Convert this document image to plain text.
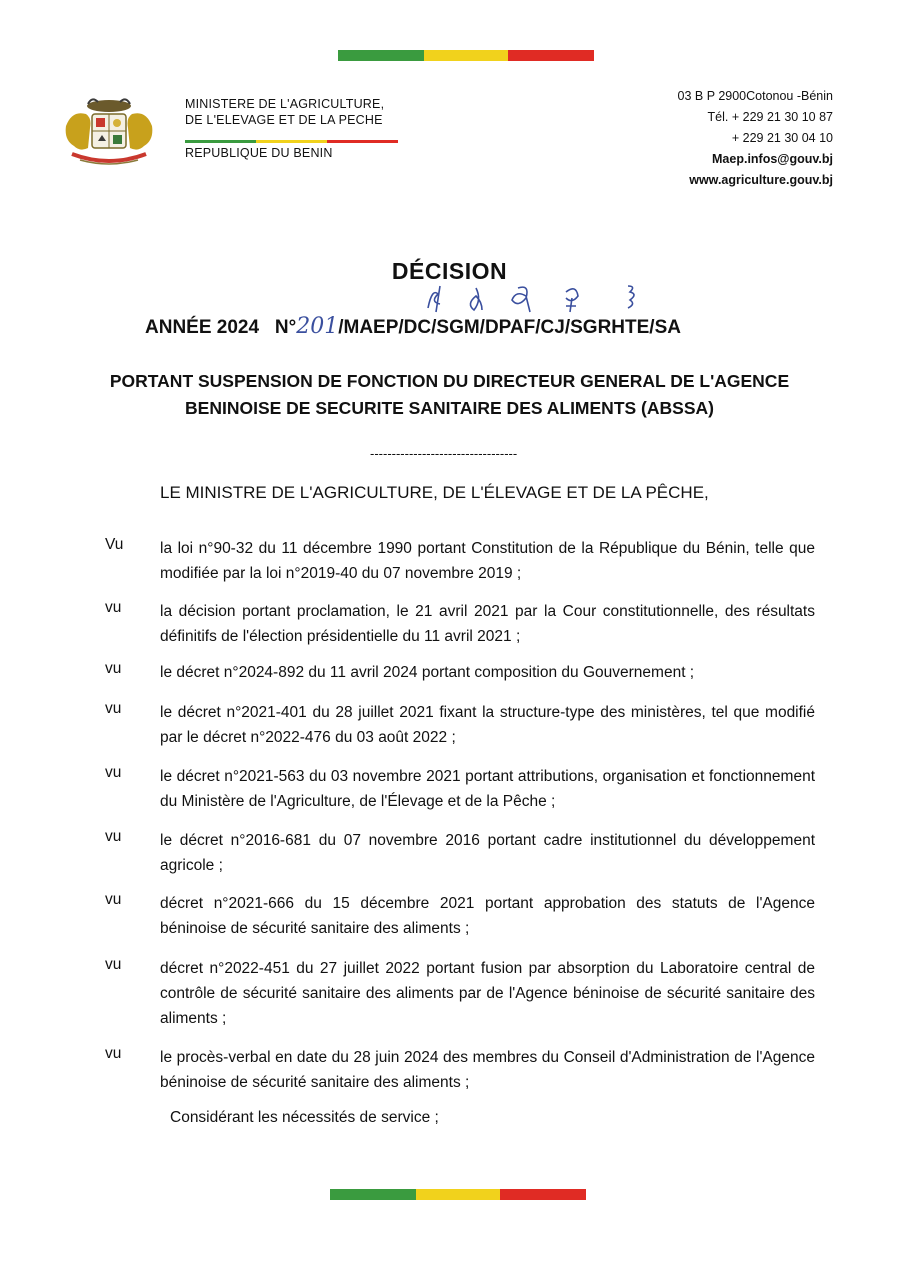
MINISTERE DE L'AGRICULTURE,
DE L'ELEVAGE ET DE LA PECHE
REPUBLIQUE DU BENIN
03 B P 2900Cotonou -Bénin
Tél. + 229 21 30 10 87
+ 229 21 30 04 10
Maep.infos@gouv.bj
www.agriculture.gouv.bj
DÉCISION
ANNÉE 2024 N°201/MAEP/DC/SGM/DPAF/CJ/SGRHTE/SA
PORTANT SUSPENSION DE FONCTION DU DIRECTEUR GENERAL DE L'AGENCE
BENINOISE DE SECURITE SANITAIRE DES ALIMENTS (ABSSA)
----------------------------------
LE MINISTRE DE L'AGRICULTURE, DE L'ÉLEVAGE ET DE LA PÊCHE,
Vu la loi n°90-32 du 11 décembre 1990 portant Constitution de la République du Bénin, telle que modifiée par la loi n°2019-40 du 07 novembre 2019 ;
vu la décision portant proclamation, le 21 avril 2021 par la Cour constitutionnelle, des résultats définitifs de l'élection présidentielle du 11 avril 2021 ;
vu le décret n°2024-892 du 11 avril 2024 portant composition du Gouvernement ;
vu le décret n°2021-401 du 28 juillet 2021 fixant la structure-type des ministères, tel que modifié par le décret n°2022-476 du 03 août 2022 ;
vu le décret n°2021-563 du 03 novembre 2021 portant attributions, organisation et fonctionnement du Ministère de l'Agriculture, de l'Élevage et de la Pêche ;
vu le décret n°2016-681 du 07 novembre 2016 portant cadre institutionnel du développement agricole ;
vu décret n°2021-666 du 15 décembre 2021 portant approbation des statuts de l'Agence béninoise de sécurité sanitaire des aliments ;
vu décret n°2022-451 du 27 juillet 2022 portant fusion par absorption du Laboratoire central de contrôle de sécurité sanitaire des aliments par de l'Agence béninoise de sécurité sanitaire des aliments ;
vu le procès-verbal en date du 28 juin 2024 des membres du Conseil d'Administration de l'Agence béninoise de sécurité sanitaire des aliments ;
Considérant les nécessités de service ;
